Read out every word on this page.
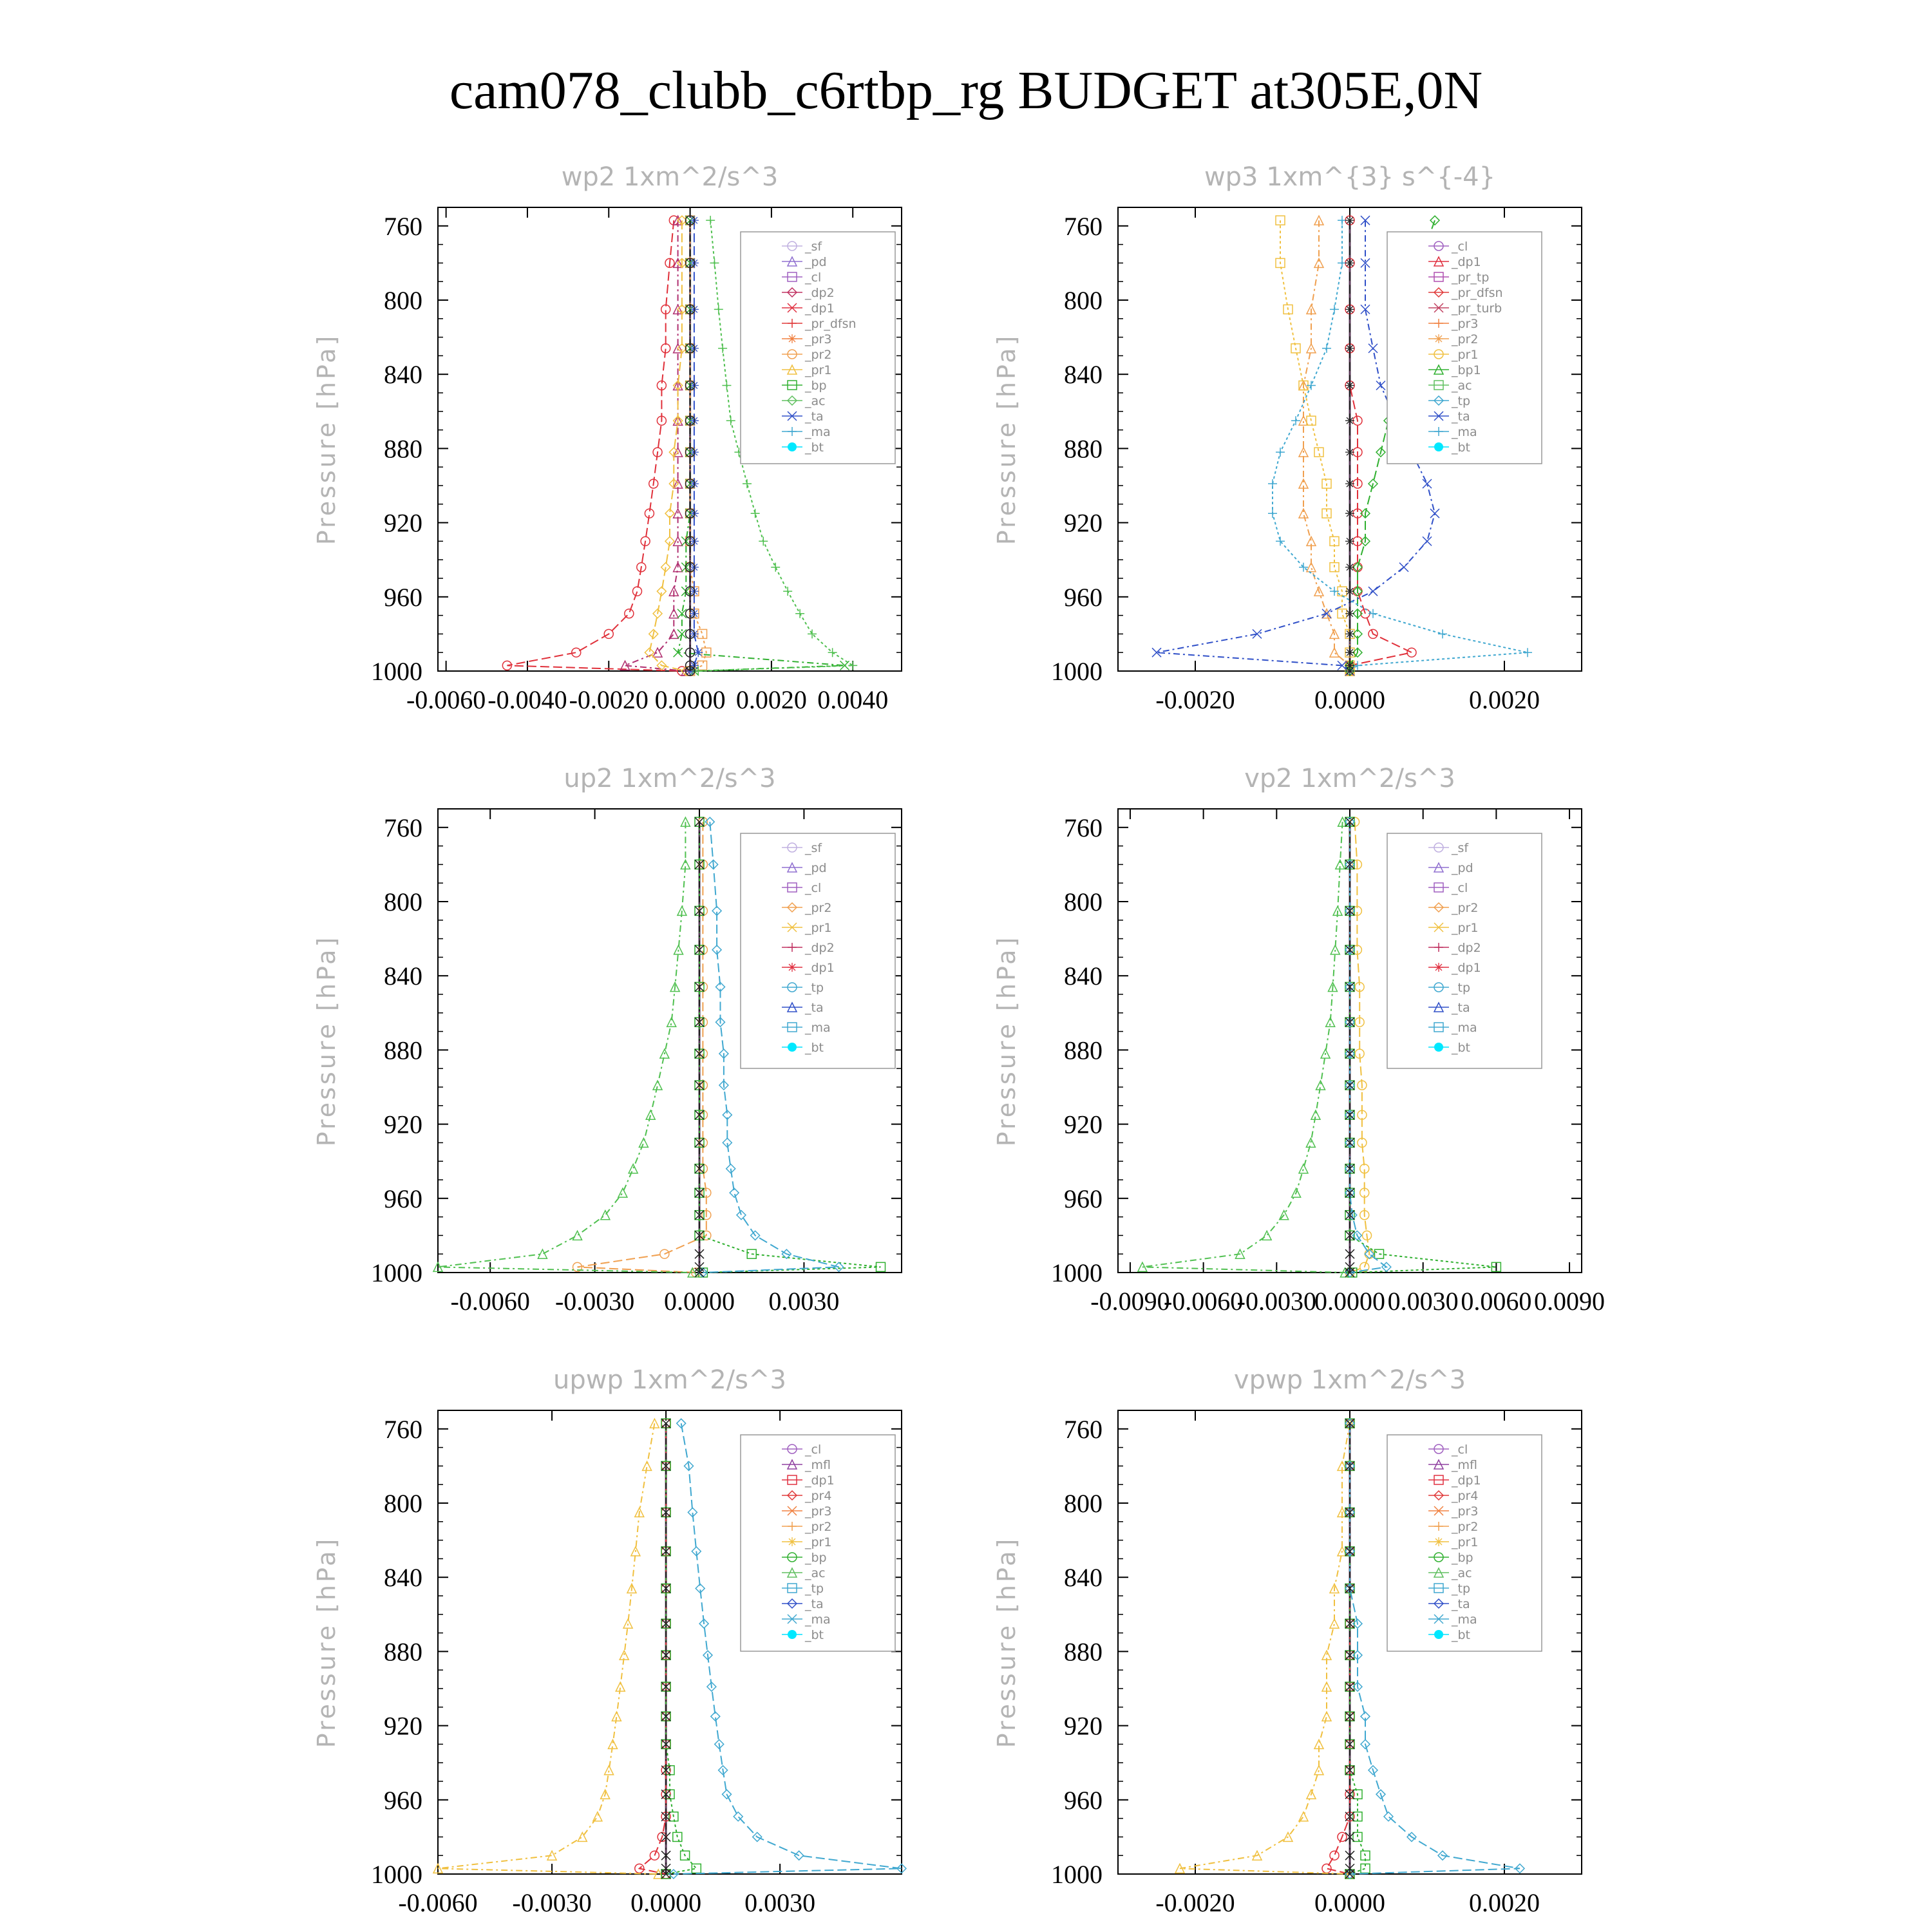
cam078_clubb_c6rtbp_rg BUDGET at305E,0N
wp2 1xm^2/s^3
Pressure [hPa]
760
800
840
880
920
960
1000
-0.0060 -0.0040 -0.0020 0.0000 0.0020 0.0040
_sf
_pd
_cl
_dp2
_dp1
_pr_dfsn
_pr3
_pr2
_pr1
_bp
_ac
_ta
_ma
_bt
wp3 1xm^{3} s^{-4}
Pressure [hPa]
760
800
840
880
920
960
1000
-0.0020	0.0000	0.0020
_cl
_dp1
_pr_tp
_pr_dfsn
_pr_turb
_pr3
_pr2
_pr1
_bp1
_ac
_tp
_ta
_ma
_bt
up2 1xm^2/s^3
Pressure [hPa]
760
800
840
880
920
960
1000
-0.0060 -0.0030 0.0000 0.0030
_sf
_pd
_cl
_pr2
_pr1
_dp2
_dp1
_tp
_ta
_ma
_bt
vp2 1xm^2/s^3
Pressure [hPa]
760
800
840
880
920
960
1000
-0.0090
-0.0060
-0.0030
0.0000 0.0030 0.0060 0.0090
_sf
_pd
_cl
_pr2
_pr1
_dp2
_dp1
_tp
_ta
_ma
_bt
upwp 1xm^2/s^3
Pressure [hPa]
760
800
840
880
920
960
1000
-0.0060 -0.0030 0.0000 0.0030
_cl
_mfl
_dp1
_pr4
_pr3
_pr2
_pr1
_bp
_ac
_tp
_ta
_ma
_bt
vpwp 1xm^2/s^3
Pressure [hPa]
760
800
840
880
920
960
1000
-0.0020	0.0000	0.0020
_cl
_mfl
_dp1
_pr4
_pr3
_pr2
_pr1
_bp
_ac
_tp
_ta
_ma
_bt
